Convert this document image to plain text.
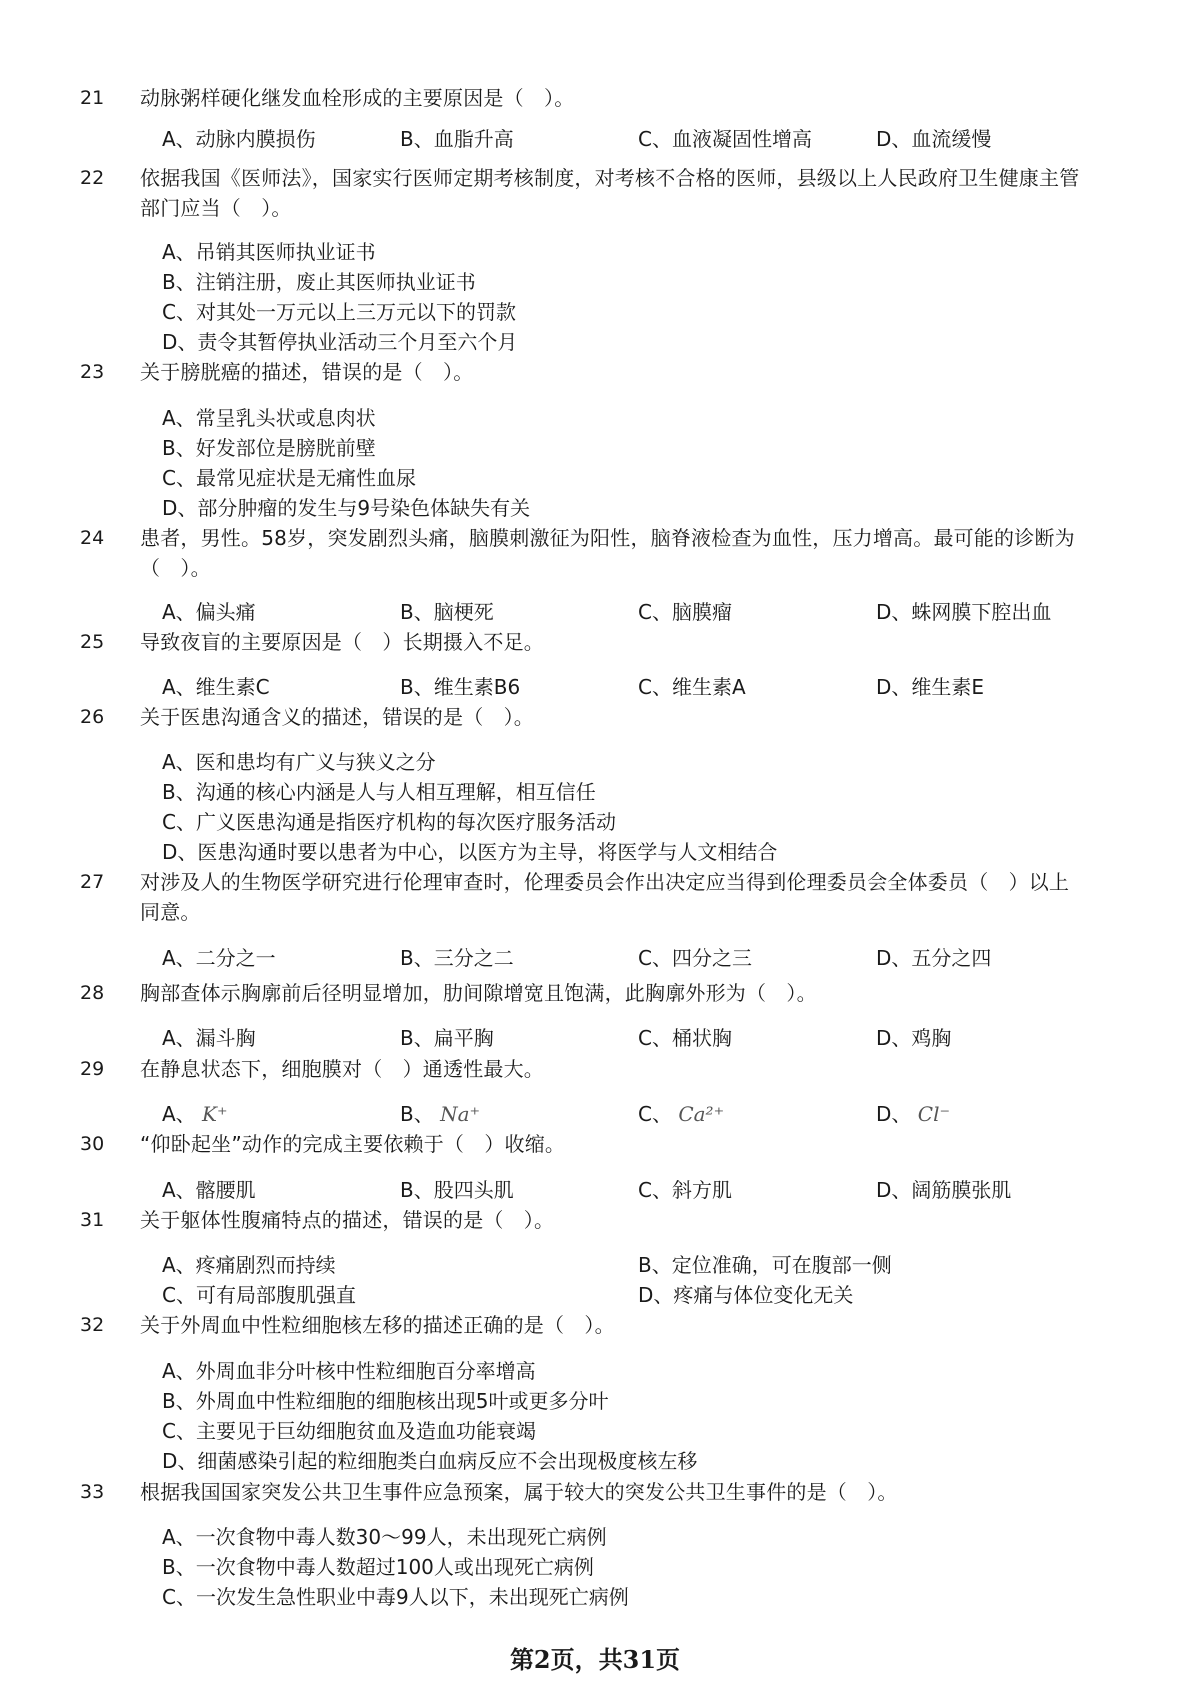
21 动脉粥样硬化继发血栓形成的主要原因是（　）。
A、动脉内膜损伤	B、血脂升高	C、血液凝固性增高	D、血流缓慢
22 依据我国《医师法》，国家实行医师定期考核制度，对考核不合格的医师，县级以上人民政府卫生健康主管部门应当（　）。
A、吊销其医师执业证书
B、注销注册，废止其医师执业证书
C、对其处一万元以上三万元以下的罚款
D、责令其暂停执业活动三个月至六个月
23 关于膀胱癌的描述，错误的是（　）。
A、常呈乳头状或息肉状
B、好发部位是膀胱前壁
C、最常见症状是无痛性血尿
D、部分肿瘤的发生与9号染色体缺失有关
24 患者，男性。58岁，突发剧烈头痛，脑膜刺激征为阳性，脑脊液检查为血性，压力增高。最可能的诊断为（　）。
A、偏头痛	B、脑梗死	C、脑膜瘤	D、蛛网膜下腔出血
25 导致夜盲的主要原因是（　）长期摄入不足。
A、维生素C	B、维生素B6	C、维生素A	D、维生素E
26 关于医患沟通含义的描述，错误的是（　）。
A、医和患均有广义与狭义之分
B、沟通的核心内涵是人与人相互理解，相互信任
C、广义医患沟通是指医疗机构的每次医疗服务活动
D、医患沟通时要以患者为中心，以医方为主导，将医学与人文相结合
27 对涉及人的生物医学研究进行伦理审查时，伦理委员会作出决定应当得到伦理委员会全体委员（　）以上同意。
A、二分之一	B、三分之二	C、四分之三	D、五分之四
28 胸部查体示胸廓前后径明显增加，肋间隙增宽且饱满，此胸廓外形为（　）。
A、漏斗胸	B、扁平胸	C、桶状胸	D、鸡胸
29 在静息状态下，细胞膜对（　）通透性最大。
A、 K⁺	B、 Na⁺	C、 Ca²⁺	D、 Cl⁻
30 “仰卧起坐”动作的完成主要依赖于（　）收缩。
A、髂腰肌	B、股四头肌	C、斜方肌	D、阔筋膜张肌
31 关于躯体性腹痛特点的描述，错误的是（　）。
A、疼痛剧烈而持续	B、定位准确，可在腹部一侧
C、可有局部腹肌强直	D、疼痛与体位变化无关
32 关于外周血中性粒细胞核左移的描述正确的是（　）。
A、外周血非分叶核中性粒细胞百分率增高
B、外周血中性粒细胞的细胞核出现5叶或更多分叶
C、主要见于巨幼细胞贫血及造血功能衰竭
D、细菌感染引起的粒细胞类白血病反应不会出现极度核左移
33 根据我国国家突发公共卫生事件应急预案，属于较大的突发公共卫生事件的是（　）。
A、一次食物中毒人数30～99人，未出现死亡病例
B、一次食物中毒人数超过100人或出现死亡病例
C、一次发生急性职业中毒9人以下，未出现死亡病例
第2页，共31页
